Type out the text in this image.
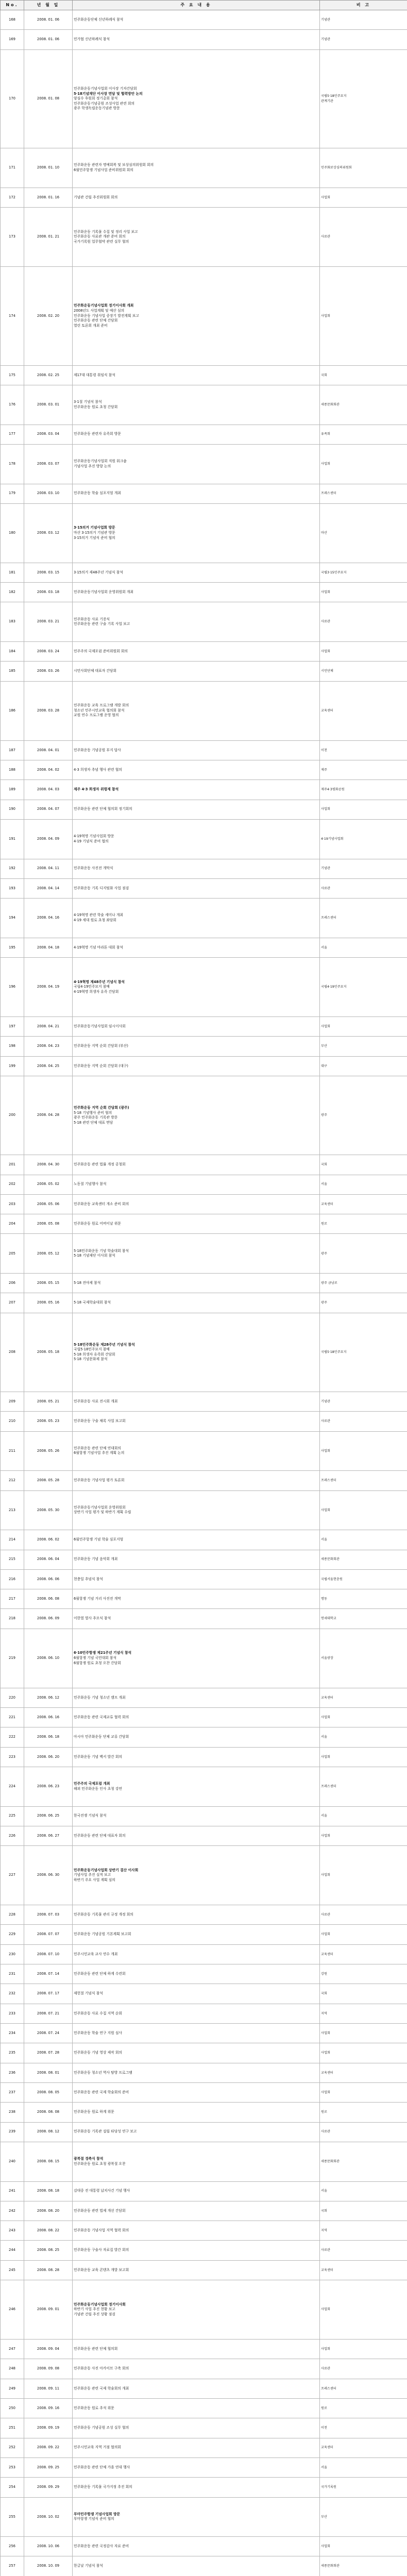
No.	년 월 일	주 요 내 용	비 고
168	2008. 01. 06	민주화운동단체 신년하례식 참석	기념관

169	2008. 01. 06	민가협 신년하례식 참석	기념관

170	2008. 01. 08	민주화운동기념사업회 이사장 기자간담회
5·18기념재단 이사장 면담 및 협력방안 논의
양심수 후원회 정기총회 참석
민주화운동기념공원 조성사업 관련 회의
광주 학생독립운동기념관 방문	국립5·18민주묘지
관계기관

171	2008. 01. 10	민주화운동 관련자 명예회복 및 보상심의위원회 회의
6월민주항쟁 기념사업 준비위원회 회의	민주화보상심의위원회

172	2008. 01. 16	기념관 건립 추진위원회 회의	사업회

173	2008. 01. 21	민주화운동 기록물 수집 및 정리 사업 보고
민주화운동 사료관 개관 준비 회의
국가기록원 업무협약 관련 실무 협의	사료관

174	2008. 02. 20	민주화운동기념사업회 정기이사회 개최
2008년도 사업계획 및 예산 심의
민주화운동 기념사업 중장기 발전계획 보고
민주화운동 관련 단체 간담회
열린 토론회 개최 준비	사업회

175	2008. 02. 25	제17대 대통령 취임식 참석	국회

176	2008. 03. 01	3·1절 기념식 참석
민주화운동 원로 초청 간담회	세종문화회관

177	2008. 03. 04	민주화운동 관련자 유족회 방문	유족회

178	2008. 03. 07	민주화운동기념사업회 직원 워크숍
기념사업 추진 방향 논의	사업회

179	2008. 03. 10	민주화운동 학술 심포지엄 개최	프레스센터

180	2008. 03. 12	3·15의거 기념사업회 방문
마산 3·15의거 기념관 방문
3·15의거 기념식 준비 협의	마산

181	2008. 03. 15	3·15의거 제48주년 기념식 참석	국립3·15민주묘지

182	2008. 03. 18	민주화운동기념사업회 운영위원회 개최	사업회

183	2008. 03. 21	민주화운동 사료 기증식
민주화운동 관련 구술 기록 사업 보고	사료관

184	2008. 03. 24	민주주의 국제포럼 준비위원회 회의	사업회

185	2008. 03. 26	시민사회단체 대표자 간담회	시민단체

186	2008. 03. 28	민주화운동 교육 프로그램 개발 회의
청소년 민주시민교육 협의회 참석
교원 연수 프로그램 운영 협의	교육센터

187	2008. 04. 01	민주화운동 기념공원 부지 답사	이천

188	2008. 04. 02	4·3 희생자 추념 행사 관련 협의	제주

189	2008. 04. 03	제주 4·3 희생자 위령제 참석	제주4·3평화공원

190	2008. 04. 07	민주화운동 관련 단체 협의회 정기회의	사업회

191	2008. 04. 09	4·19혁명 기념사업회 방문
4·19 기념식 준비 협의	4·19기념사업회

192	2008. 04. 11	민주화운동 사진전 개막식	기념관

193	2008. 04. 14	민주화운동 기록 디지털화 사업 점검	사료관

194	2008. 04. 16	4·19혁명 관련 학술 세미나 개최
4·19 세대 원로 초청 좌담회	프레스센터

195	2008. 04. 18	4·19혁명 기념 마라톤 대회 참석	서울

196	2008. 04. 19	4·19혁명 제48주년 기념식 참석
국립4·19민주묘지 참배
4·19혁명 희생자 유족 간담회	국립4·19민주묘지

197	2008. 04. 21	민주화운동기념사업회 임시이사회	사업회

198	2008. 04. 23	민주화운동 지역 순회 간담회 (부산)	부산

199	2008. 04. 25	민주화운동 지역 순회 간담회 (대구)	대구

200	2008. 04. 28	민주화운동 지역 순회 간담회 (광주)
5·18 기념행사 준비 협의
광주 민주화운동 기록관 방문
5·18 관련 단체 대표 면담	광주

201	2008. 04. 30	민주화운동 관련 법률 개정 공청회	국회

202	2008. 05. 02	노동절 기념행사 참석	서울

203	2008. 05. 06	민주화운동 교육센터 개소 준비 회의	교육센터

204	2008. 05. 08	민주화운동 원로 어버이날 위문	원로

205	2008. 05. 12	5·18민주화운동 기념 학술대회 참석
5·18 기념재단 이사회 참석	광주

206	2008. 05. 15	5·18 전야제 참석	광주 금남로

207	2008. 05. 16	5·18 국제학술대회 참석	광주

208	2008. 05. 18	5·18민주화운동 제28주년 기념식 참석
국립5·18민주묘지 참배
5·18 희생자 유족회 간담회
5·18 기념문화제 참석	국립5·18민주묘지

209	2008. 05. 21	민주화운동 사료 전시회 개최	기념관

210	2008. 05. 23	민주화운동 구술 채록 사업 보고회	사료관

211	2008. 05. 26	민주화운동 관련 단체 연대회의
6월항쟁 기념사업 추진 계획 논의	사업회

212	2008. 05. 28	민주화운동 기념사업 평가 토론회	프레스센터

213	2008. 05. 30	민주화운동기념사업회 운영위원회
상반기 사업 평가 및 하반기 계획 수립	사업회

214	2008. 06. 02	6월민주항쟁 기념 학술 심포지엄	서울

215	2008. 06. 04	민주화운동 기념 음악회 개최	세종문화회관

216	2008. 06. 06	현충일 추념식 참석	국립서울현충원

217	2008. 06. 08	6월항쟁 기념 거리 사진전 개막	명동

218	2008. 06. 09	이한열 열사 추모식 참석	연세대학교

219	2008. 06. 10	6·10민주항쟁 제21주년 기념식 참석
6월항쟁 기념 국민대회 참석
6월항쟁 원로 초청 오찬 간담회	서울광장

220	2008. 06. 12	민주화운동 기념 청소년 캠프 개최	교육센터

221	2008. 06. 16	민주화운동 관련 국제교류 협력 회의	사업회

222	2008. 06. 18	아시아 민주화운동 단체 교류 간담회	서울

223	2008. 06. 20	민주화운동 기념 백서 발간 회의	사업회

224	2008. 06. 23	민주주의 국제포럼 개최
해외 민주화운동 인사 초청 강연	프레스센터

225	2008. 06. 25	한국전쟁 기념식 참석	서울

226	2008. 06. 27	민주화운동 관련 단체 대표자 회의	사업회

227	2008. 06. 30	민주화운동기념사업회 상반기 결산 이사회
기념사업 추진 실적 보고
하반기 주요 사업 계획 심의	사업회

228	2008. 07. 03	민주화운동 기록물 관리 규정 개정 회의	사료관

229	2008. 07. 07	민주화운동 기념공원 기본계획 보고회	사업회

230	2008. 07. 10	민주시민교육 교사 연수 개최	교육센터

231	2008. 07. 14	민주화운동 관련 단체 하계 수련회	강원

232	2008. 07. 17	제헌절 기념식 참석	국회

233	2008. 07. 21	민주화운동 사료 수집 지역 순회	지역

234	2008. 07. 24	민주화운동 학술 연구 지원 심사	사업회

235	2008. 07. 28	민주화운동 기념 영상 제작 회의	사업회

236	2008. 08. 01	민주화운동 청소년 역사 탐방 프로그램	교육센터

237	2008. 08. 05	민주화운동 관련 국제 학술회의 준비	사업회

238	2008. 08. 08	민주화운동 원로 하계 위문	원로

239	2008. 08. 12	민주화운동 기록관 설립 타당성 연구 보고	사료관

240	2008. 08. 15	광복절 경축식 참석
민주화운동 원로 초청 광복절 오찬	세종문화회관

241	2008. 08. 18	김대중 전 대통령 납치사건 기념 행사	서울

242	2008. 08. 20	민주화운동 관련 법제 개선 간담회	국회

243	2008. 08. 22	민주화운동 기념사업 지역 협력 회의	지역

244	2008. 08. 25	민주화운동 구술사 자료집 발간 회의	사료관

245	2008. 08. 28	민주화운동 교육 콘텐츠 개발 보고회	교육센터

246	2008. 09. 01	민주화운동기념사업회 정기이사회
하반기 사업 추진 현황 보고
기념관 건립 추진 상황 점검	사업회

247	2008. 09. 04	민주화운동 관련 단체 협의회	사업회

248	2008. 09. 08	민주화운동 사진 아카이브 구축 회의	사료관

249	2008. 09. 11	민주화운동 관련 국제 학술회의 개최	프레스센터

250	2008. 09. 16	민주화운동 원로 추석 위문	원로

251	2008. 09. 19	민주화운동 기념공원 조성 실무 협의	이천

252	2008. 09. 22	민주시민교육 지역 거점 협의회	교육센터

253	2008. 09. 25	민주화운동 관련 단체 가을 연대 행사	서울

254	2008. 09. 29	민주화운동 기록물 국가지정 추진 회의	국가기록원

255	2008. 10. 02	부마민주항쟁 기념사업회 방문
부마항쟁 기념식 준비 협의	부산

256	2008. 10. 06	민주화운동 관련 국정감사 자료 준비	사업회

257	2008. 10. 09	한글날 기념식 참석	세종문화회관
